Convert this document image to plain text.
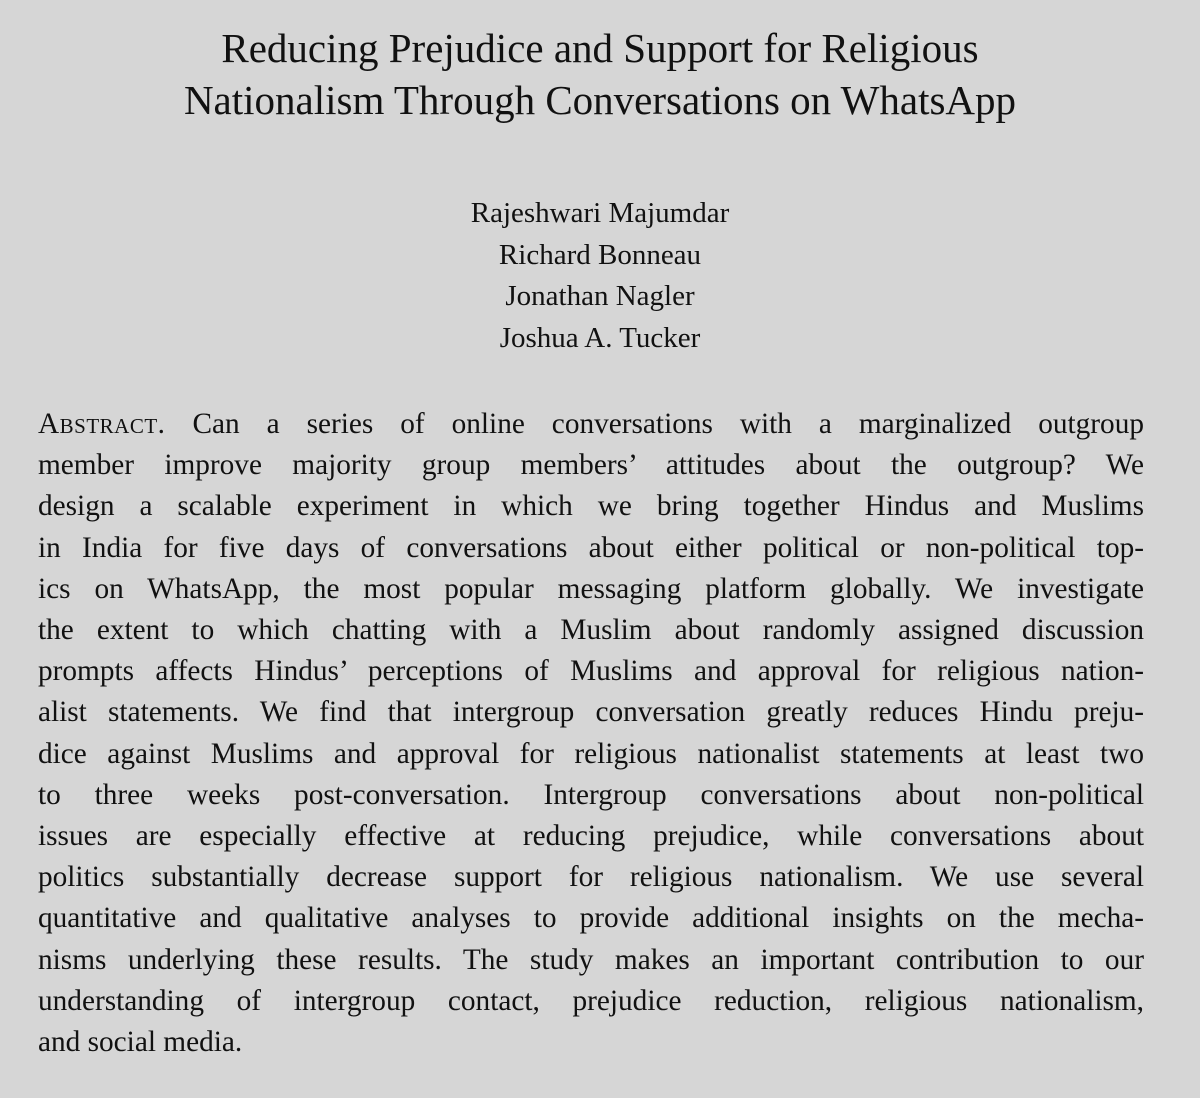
Reducing Prejudice and Support for Religious
Nationalism Through Conversations on WhatsApp
Rajeshwari Majumdar
Richard Bonneau
Jonathan Nagler
Joshua A. Tucker
Abstract. Can a series of online conversations with a marginalized outgroup
member improve majority group members’ attitudes about the outgroup? We
design a scalable experiment in which we bring together Hindus and Muslims
in India for five days of conversations about either political or non-political top-
ics on WhatsApp, the most popular messaging platform globally. We investigate
the extent to which chatting with a Muslim about randomly assigned discussion
prompts affects Hindus’ perceptions of Muslims and approval for religious nation-
alist statements. We find that intergroup conversation greatly reduces Hindu preju-
dice against Muslims and approval for religious nationalist statements at least two
to three weeks post-conversation. Intergroup conversations about non-political
issues are especially effective at reducing prejudice, while conversations about
politics substantially decrease support for religious nationalism. We use several
quantitative and qualitative analyses to provide additional insights on the mecha-
nisms underlying these results. The study makes an important contribution to our
understanding of intergroup contact, prejudice reduction, religious nationalism,
and social media.
